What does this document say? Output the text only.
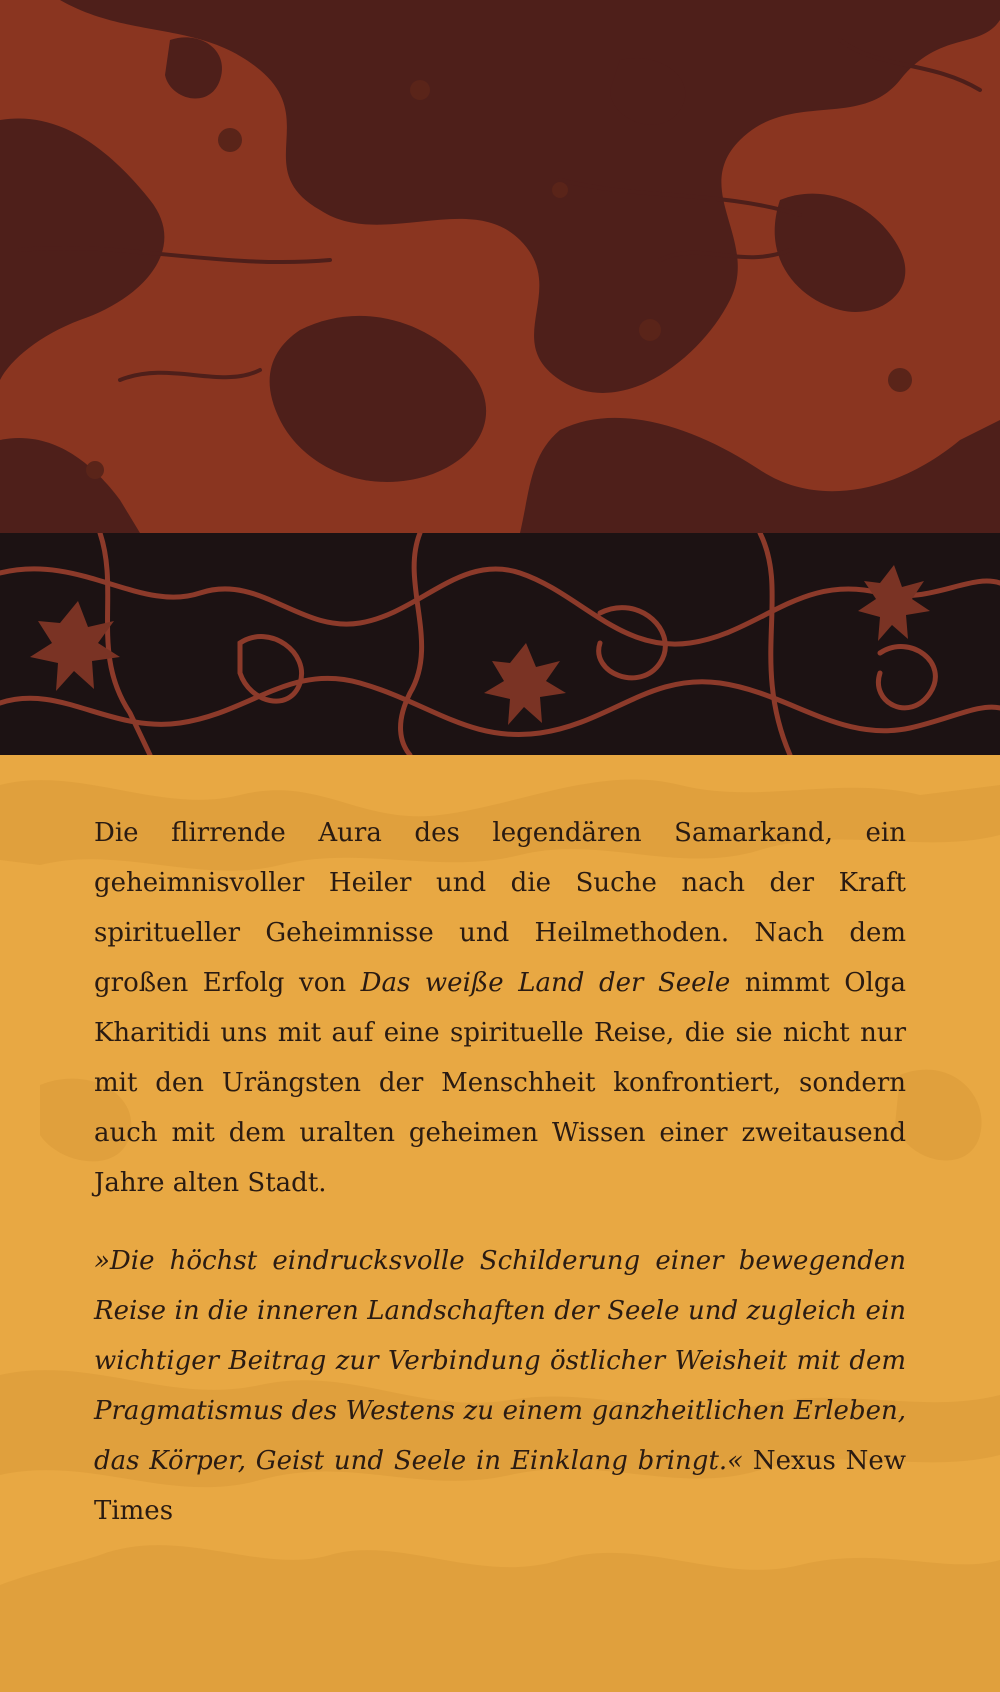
Die flirrende Aura des legendären Samarkand, ein geheimnisvoller Heiler und die Suche nach der Kraft spiritueller Geheimnisse und Heilmethoden. Nach dem großen Erfolg von Das weiße Land der Seele nimmt Olga Kharitidi uns mit auf eine spirituelle Reise, die sie nicht nur mit den Urängsten der Menschheit konfrontiert, sondern auch mit dem uralten geheimen Wissen einer zweitausend Jahre alten Stadt.

»Die höchst eindrucksvolle Schilderung einer bewegenden Reise in die inneren Landschaften der Seele und zugleich ein wichtiger Beitrag zur Verbindung östlicher Weisheit mit dem Pragmatismus des Westens zu einem ganzheitlichen Erleben, das Körper, Geist und Seele in Einklang bringt.« Nexus New Times
